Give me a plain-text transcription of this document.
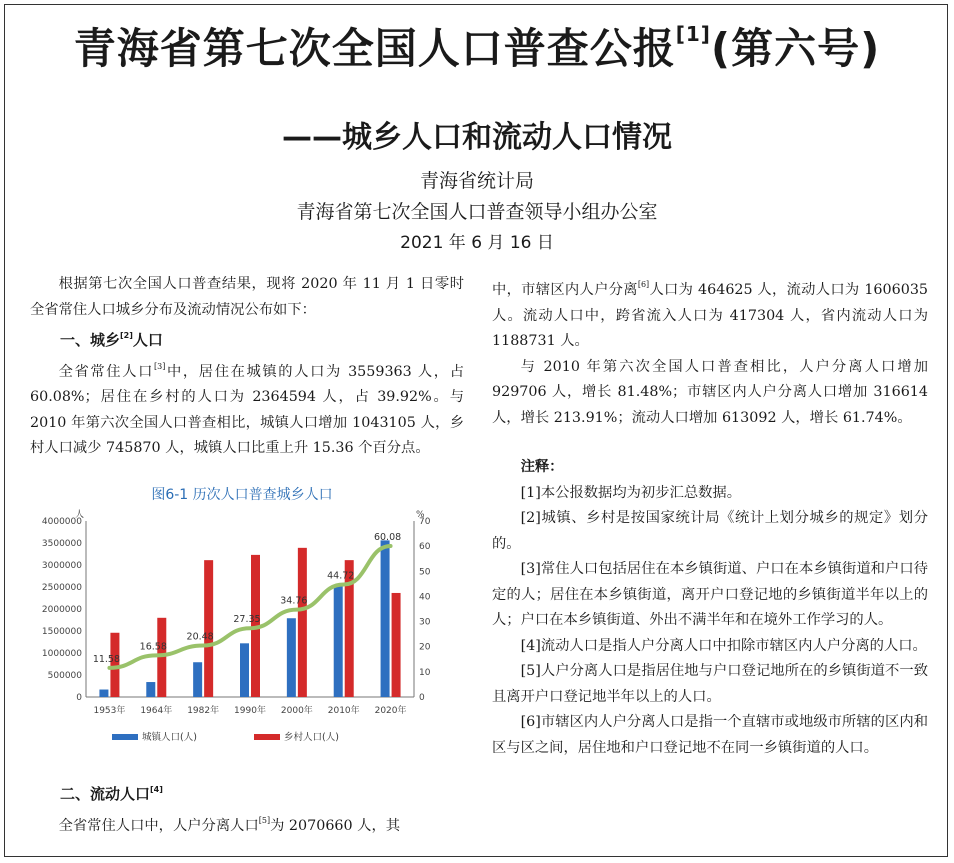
青海省第七次全国人口普查公报[1](第六号)
——城乡人口和流动人口情况
青海省统计局
青海省第七次全国人口普查领导小组办公室
2021 年 6 月 16 日

根据第七次全国人口普查结果，现将 2020 年 11 月 1 日零时全省常住人口城乡分布及流动情况公布如下：

一、城乡[2]人口

全省常住人口[3]中，居住在城镇的人口为 3559363 人，占 60.08%；居住在乡村的人口为 2364594 人，占 39.92%。与 2010 年第六次全国人口普查相比，城镇人口增加 1043105 人，乡村人口减少 745870 人，城镇人口比重上升 15.36 个百分点。

图6-1 历次人口普查城乡人口
0
500000
1000000
1500000
2000000
2500000
3000000
3500000
4000000
人
0
10
20
30
40
50
60
70
%
1953年 1964年 1982年 1990年 2000年 2010年 2020年
11.58
16.58
20.48
27.35
34.76
44.72
60.08
城镇人口(人)	乡村人口(人)

二、流动人口[4]

全省常住人口中，人户分离人口[5]为 2070660 人，其

中，市辖区内人户分离[6]人口为 464625 人，流动人口为 1606035 人。流动人口中，跨省流入人口为 417304 人，省内流动人口为 1188731 人。

与 2010 年第六次全国人口普查相比，人户分离人口增加 929706 人，增长 81.48%；市辖区内人户分离人口增加 316614 人，增长 213.91%；流动人口增加 613092 人，增长 61.74%。

注释：

[1]本公报数据均为初步汇总数据。

[2]城镇、乡村是按国家统计局《统计上划分城乡的规定》划分的。

[3]常住人口包括居住在本乡镇街道、户口在本乡镇街道和户口待定的人；居住在本乡镇街道，离开户口登记地的乡镇街道半年以上的人；户口在本乡镇街道、外出不满半年和在境外工作学习的人。

[4]流动人口是指人户分离人口中扣除市辖区内人户分离的人口。

[5]人户分离人口是指居住地与户口登记地所在的乡镇街道不一致且离开户口登记地半年以上的人口。

[6]市辖区内人户分离人口是指一个直辖市或地级市所辖的区内和区与区之间，居住地和户口登记地不在同一乡镇街道的人口。
